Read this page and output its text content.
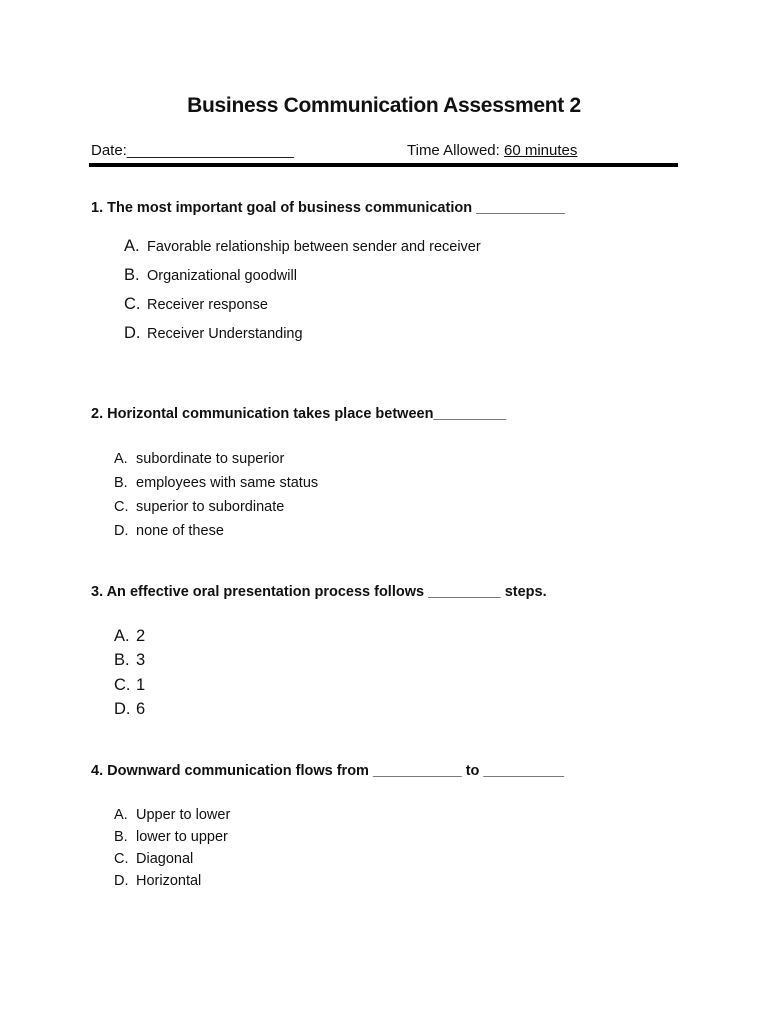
Business Communication Assessment 2
Date:____________________	Time Allowed: 60 minutes
1. The most important goal of business communication ___________
A. Favorable relationship between sender and receiver
B. Organizational goodwill
C. Receiver response
D. Receiver Understanding
2. Horizontal communication takes place between_________
A. subordinate to superior
B. employees with same status
C. superior to subordinate
D. none of these
3. An effective oral presentation process follows _________ steps.
A. 2
B. 3
C. 1
D. 6
4. Downward communication flows from ___________ to __________
A. Upper to lower
B. lower to upper
C. Diagonal
D. Horizontal
